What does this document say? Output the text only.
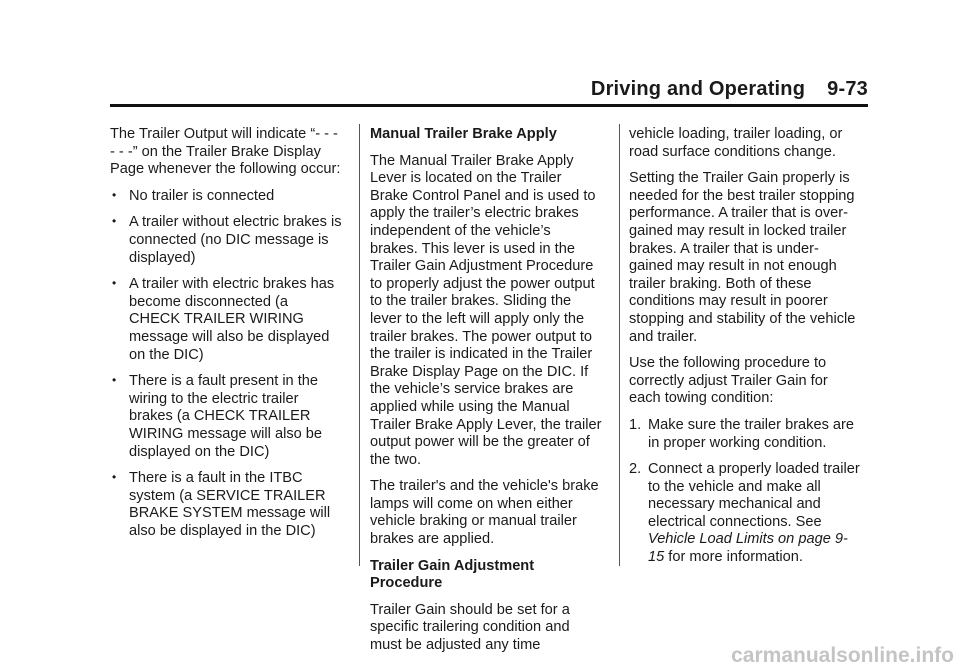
Driving and Operating 9-73

The Trailer Output will indicate “- - - - - -” on the Trailer Brake Display Page whenever the following occur:

• No trailer is connected
• A trailer without electric brakes is connected (no DIC message is displayed)
• A trailer with electric brakes has become disconnected (a CHECK TRAILER WIRING message will also be displayed on the DIC)
• There is a fault present in the wiring to the electric trailer brakes (a CHECK TRAILER WIRING message will also be displayed on the DIC)
• There is a fault in the ITBC system (a SERVICE TRAILER BRAKE SYSTEM message will also be displayed in the DIC)
Manual Trailer Brake Apply

The Manual Trailer Brake Apply Lever is located on the Trailer Brake Control Panel and is used to apply the trailer’s electric brakes independent of the vehicle’s brakes. This lever is used in the Trailer Gain Adjustment Procedure to properly adjust the power output to the trailer brakes. Sliding the lever to the left will apply only the trailer brakes. The power output to the trailer is indicated in the Trailer Brake Display Page on the DIC. If the vehicle’s service brakes are applied while using the Manual Trailer Brake Apply Lever, the trailer output power will be the greater of the two.

The trailer's and the vehicle's brake lamps will come on when either vehicle braking or manual trailer brakes are applied.

Trailer Gain Adjustment Procedure

Trailer Gain should be set for a specific trailering condition and must be adjusted any time

vehicle loading, trailer loading, or road surface conditions change.

Setting the Trailer Gain properly is needed for the best trailer stopping performance. A trailer that is over-gained may result in locked trailer brakes. A trailer that is under-gained may result in not enough trailer braking. Both of these conditions may result in poorer stopping and stability of the vehicle and trailer.

Use the following procedure to correctly adjust Trailer Gain for each towing condition:

1. Make sure the trailer brakes are in proper working condition.
2. Connect a properly loaded trailer to the vehicle and make all necessary mechanical and electrical connections. See
Vehicle Load Limits on page 9-15 for more information.
carmanualsonline.info
